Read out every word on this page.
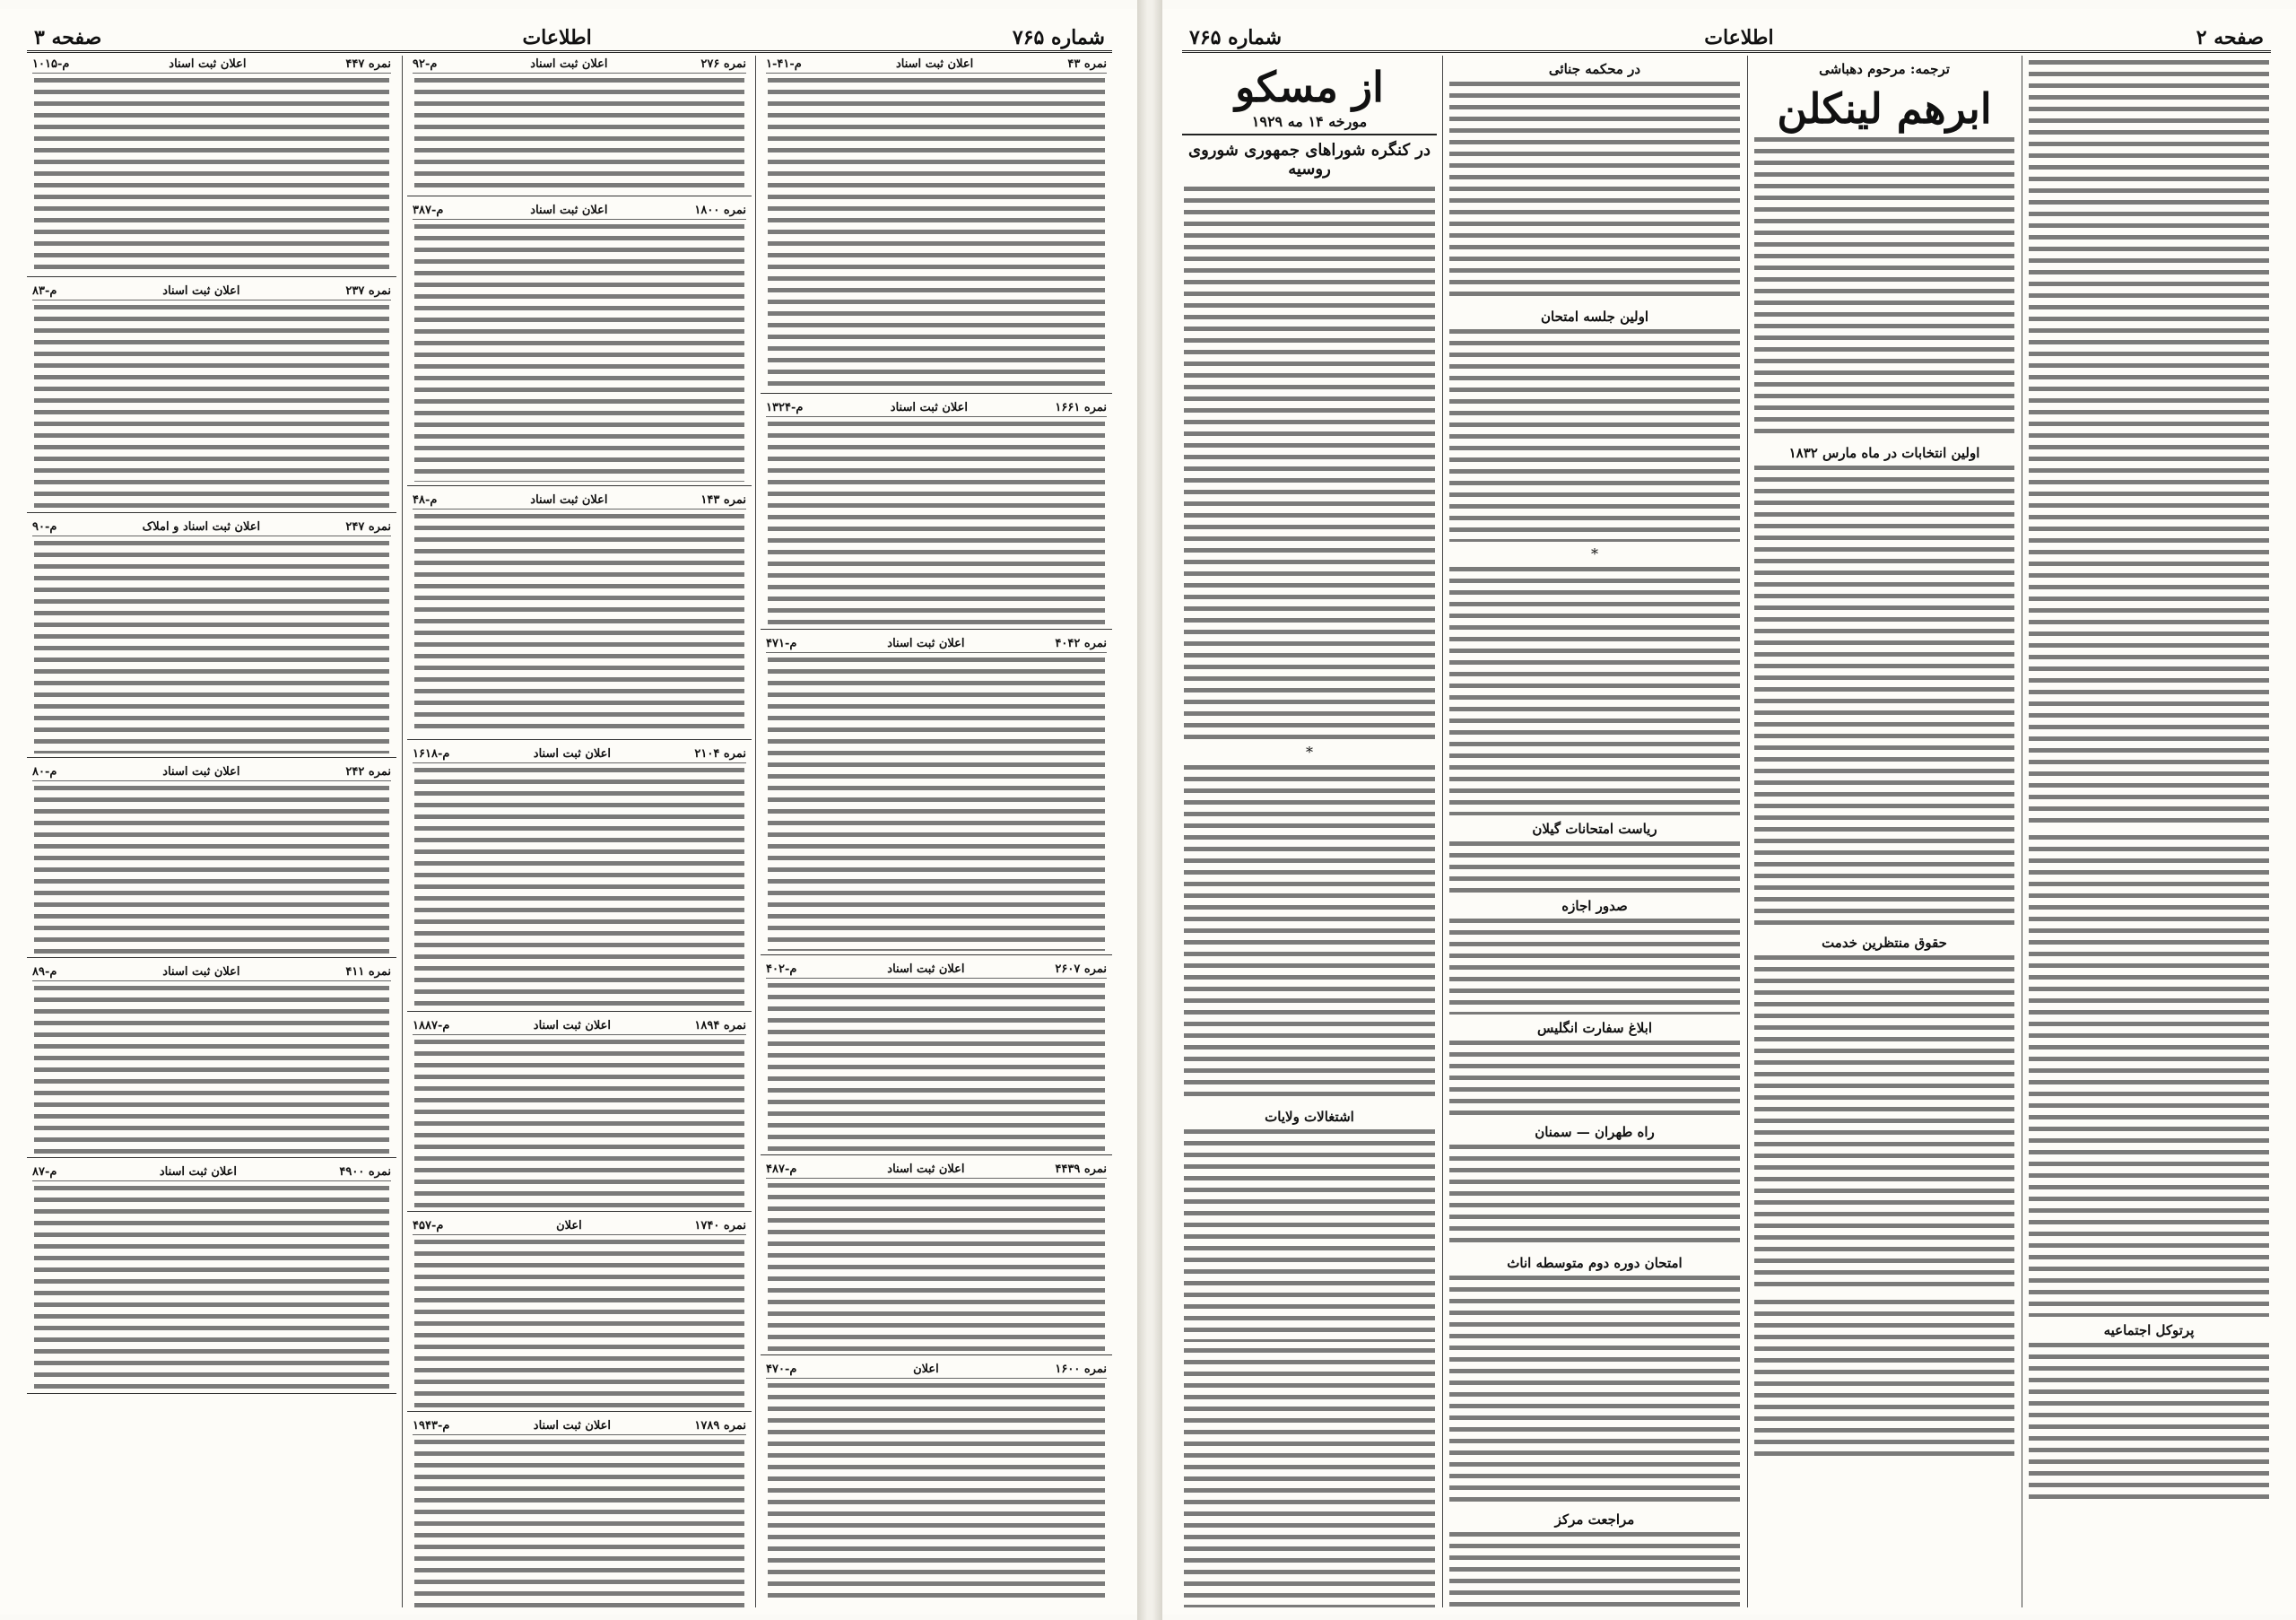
شماره ۷۶۵
اطلاعات
صفحه ۳
نمره ۴۳
اعلان ثبت اسناد
م-۴۱-۱
نمره ۱۶۶۱
اعلان ثبت اسناد
م-۱۳۲۴
نمره ۴۰۴۲
اعلان ثبت اسناد
م-۴۷۱
نمره ۲۶۰۷
اعلان ثبت اسناد
م-۴۰۲
نمره ۴۴۳۹
اعلان ثبت اسناد
م-۴۸۷
نمره ۱۶۰۰
اعلان
م-۴۷۰
نمره ۲۷۶
اعلان ثبت اسناد
م-۹۲
نمره ۱۸۰۰
اعلان ثبت اسناد
م-۳۸۷
نمره ۱۴۳
اعلان ثبت اسناد
م-۴۸
نمره ۲۱۰۴
اعلان ثبت اسناد
م-۱۶۱۸
نمره ۱۸۹۴
اعلان ثبت اسناد
م-۱۸۸۷
نمره ۱۷۴۰
اعلان
م-۴۵۷
نمره ۱۷۸۹
اعلان ثبت اسناد
م-۱۹۴۳
نمره ۴۴۷
اعلان ثبت اسناد
م-۱۰۱۵
نمره ۲۳۷
اعلان ثبت اسناد
م-۸۳
نمره ۲۴۷
اعلان ثبت اسناد و املاک
م-۹۰
نمره ۲۴۲
اعلان ثبت اسناد
م-۸۰
نمره ۴۱۱
اعلان ثبت اسناد
م-۸۹
نمره ۴۹۰۰
اعلان ثبت اسناد
م-۸۷
صفحه ۲
اطلاعات
شماره ۷۶۵
پرتوکل اجتماعیه
ترجمه: مرحوم دهباشی
ابرهم لینکلن
اولین انتخابات در ماه مارس ۱۸۳۲
حقوق منتظرین خدمت
در محکمه جنائی
اولین جلسه امتحان
*
ریاست امتحانات گیلان
صدور اجازه
ابلاغ سفارت انگلیس
راه طهران — سمنان
امتحان دوره دوم متوسطه اناث
مراجعت مرکز
از مسکو
مورخه ۱۴ مه ۱۹۲۹
در کنگره شوراهای جمهوری شوروی روسیه
*
اشتغالات ولایات
